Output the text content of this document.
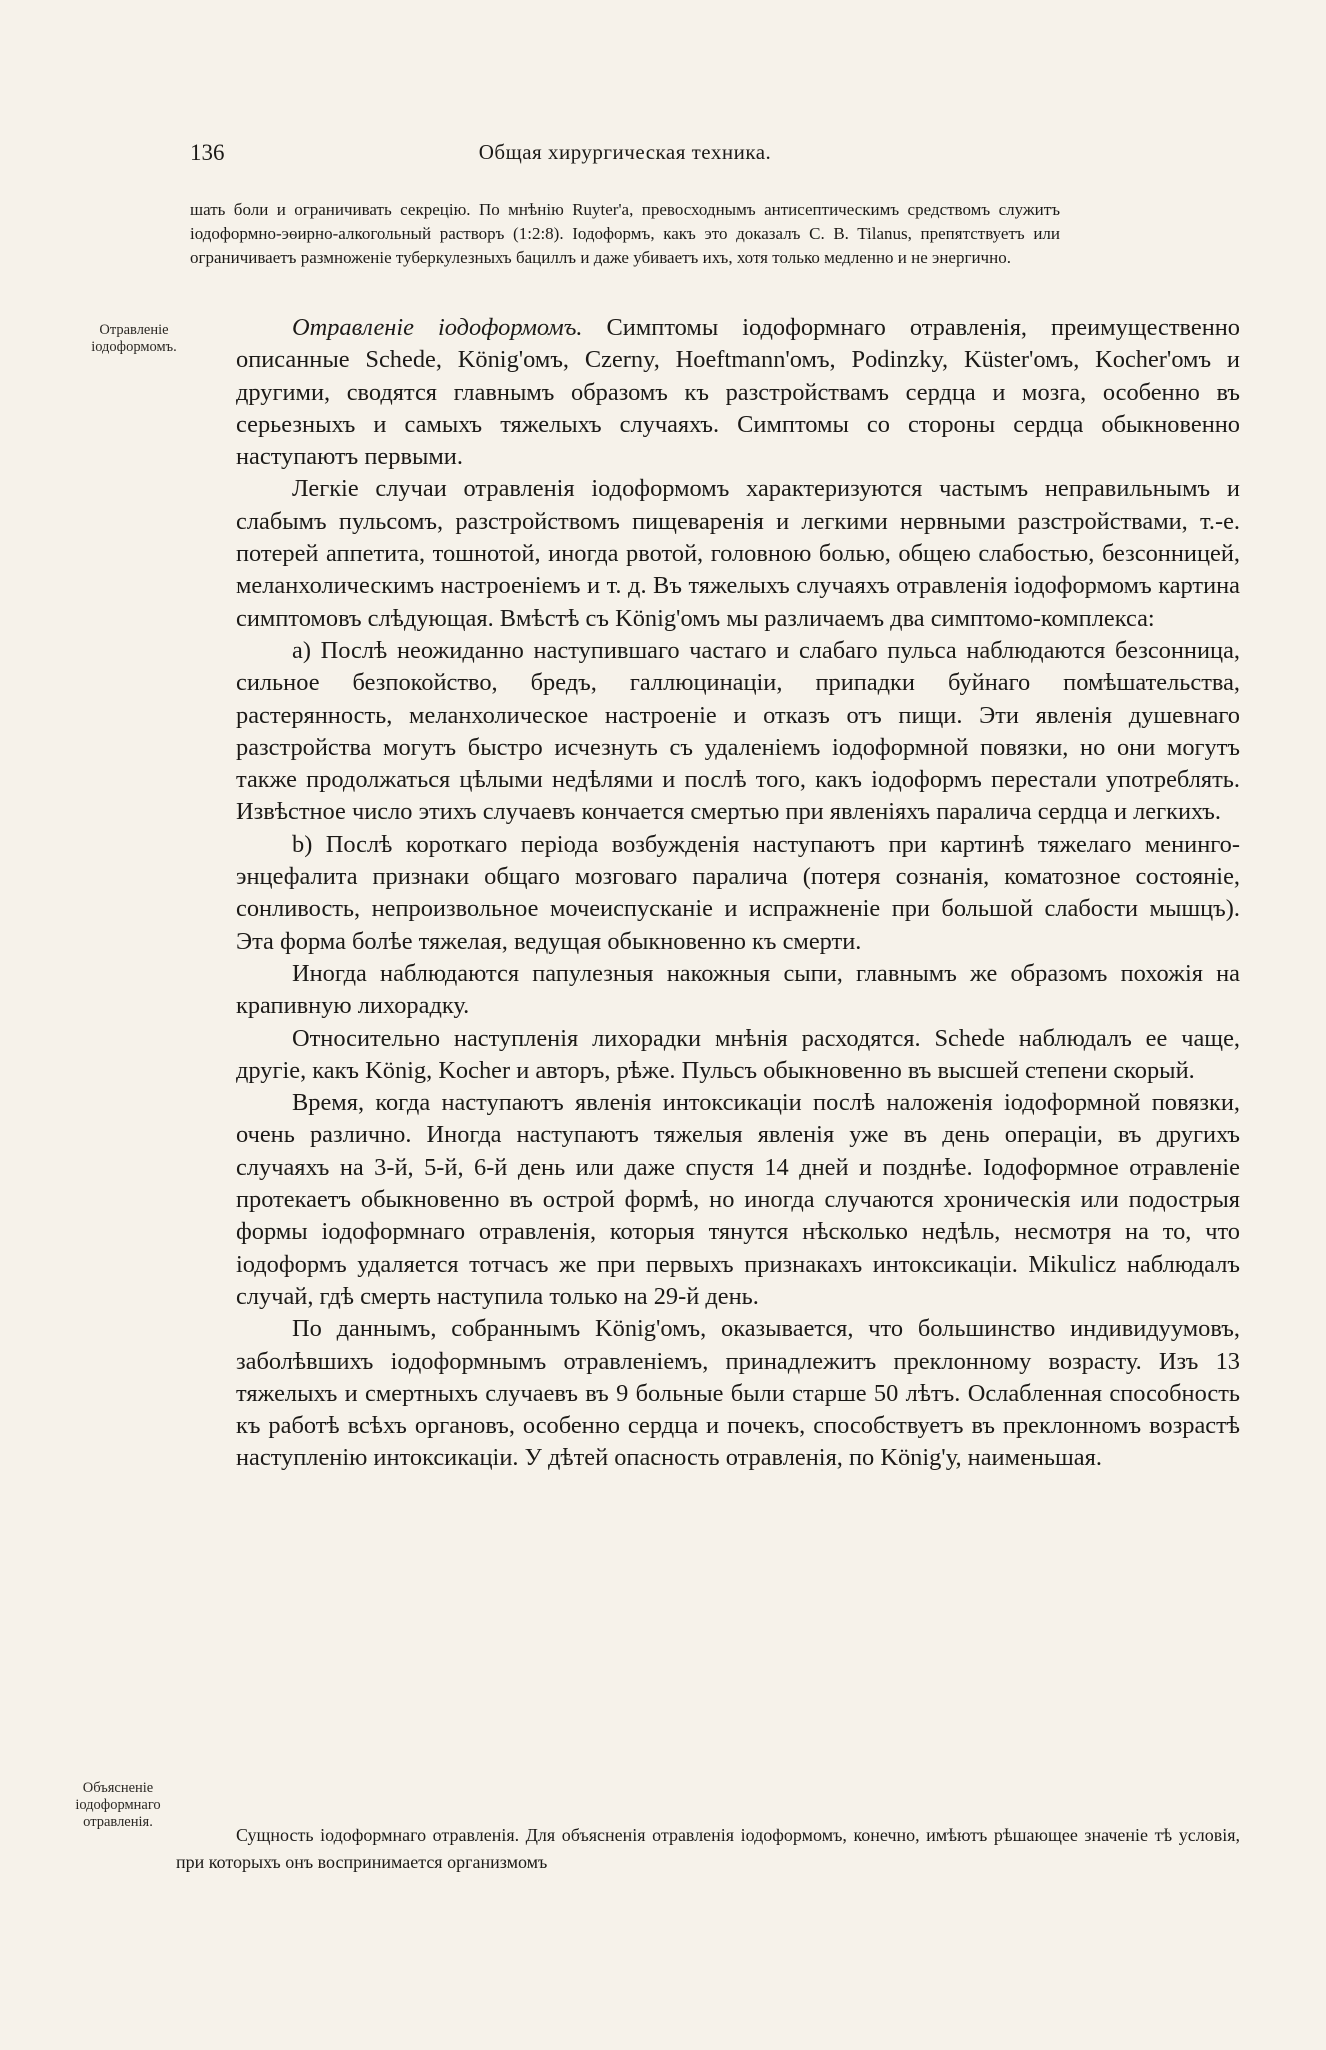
136	Общая хирургическая техника.

шать боли и ограничивать секрецію. По мнѣнію Ruyter'а, превосходнымъ антисептическимъ средствомъ служитъ іодоформно-эѳирно-алкогольный растворъ (1:2:8). Іодоформъ, какъ это доказалъ C. B. Tilanus, препятствуетъ или ограничиваетъ размноженіе туберкулезныхъ бациллъ и даже убиваетъ ихъ, хотя только медленно и не энергично.

Отравленіе іодоформомъ.

Отравленіе іодоформомъ. Симптомы іодоформнаго отравленія, преимущественно описанные Schede, König'омъ, Czerny, Hoeftmann'омъ, Podinzky, Küster'омъ, Kocher'омъ и другими, сводятся главнымъ образомъ къ разстройствамъ сердца и мозга, особенно въ серьезныхъ и самыхъ тяжелыхъ случаяхъ. Симптомы со стороны сердца обыкновенно наступаютъ первыми.

Легкіе случаи отравленія іодоформомъ характеризуются частымъ неправильнымъ и слабымъ пульсомъ, разстройствомъ пищеваренія и легкими нервными разстройствами, т.-е. потерей аппетита, тошнотой, иногда рвотой, головною болью, общею слабостью, безсонницей, меланхолическимъ настроеніемъ и т. д. Въ тяжелыхъ случаяхъ отравленія іодоформомъ картина симптомовъ слѣдующая. Вмѣстѣ съ König'омъ мы различаемъ два симптомо-комплекса:

a) Послѣ неожиданно наступившаго частаго и слабаго пульса наблюдаются безсонница, сильное безпокойство, бредъ, галлюцинаціи, припадки буйнаго помѣшательства, растерянность, меланхолическое настроеніе и отказъ отъ пищи. Эти явленія душевнаго разстройства могутъ быстро исчезнуть съ удаленіемъ іодоформной повязки, но они могутъ также продолжаться цѣлыми недѣлями и послѣ того, какъ іодоформъ перестали употреблять. Извѣстное число этихъ случаевъ кончается смертью при явленіяхъ паралича сердца и легкихъ.

b) Послѣ короткаго періода возбужденія наступаютъ при картинѣ тяжелаго менинго-энцефалита признаки общаго мозговаго паралича (потеря сознанія, коматозное состояніе, сонливость, непроизвольное мочеиспусканіе и испражненіе при большой слабости мышцъ). Эта форма болѣе тяжелая, ведущая обыкновенно къ смерти.

Иногда наблюдаются папулезныя накожныя сыпи, главнымъ же образомъ похожія на крапивную лихорадку.

Относительно наступленія лихорадки мнѣнія расходятся. Schede наблюдалъ ее чаще, другіе, какъ König, Kocher и авторъ, рѣже. Пульсъ обыкновенно въ высшей степени скорый.

Время, когда наступаютъ явленія интоксикаціи послѣ наложенія іодоформной повязки, очень различно. Иногда наступаютъ тяжелыя явленія уже въ день операціи, въ другихъ случаяхъ на 3-й, 5-й, 6-й день или даже спустя 14 дней и позднѣе. Іодоформное отравленіе протекаетъ обыкновенно въ острой формѣ, но иногда случаются хроническія или подострыя формы іодоформнаго отравленія, которыя тянутся нѣсколько недѣль, несмотря на то, что іодоформъ удаляется тотчасъ же при первыхъ признакахъ интоксикаціи. Mikulicz наблюдалъ случай, гдѣ смерть наступила только на 29-й день.

По даннымъ, собраннымъ König'омъ, оказывается, что большинство индивидуумовъ, заболѣвшихъ іодоформнымъ отравленіемъ, принадлежитъ преклонному возрасту. Изъ 13 тяжелыхъ и смертныхъ случаевъ въ 9 больные были старше 50 лѣтъ. Ослабленная способность къ работѣ всѣхъ органовъ, особенно сердца и почекъ, способствуетъ въ преклонномъ возрастѣ наступленію интоксикаціи. У дѣтей опасность отравленія, по König'у, наименьшая.

Объясненіе іодоформнаго отравленія.

Сущность іодоформнаго отравленія. Для объясненія отравленія іодоформомъ, конечно, имѣютъ рѣшающее значеніе тѣ условія, при которыхъ онъ воспринимается организмомъ
